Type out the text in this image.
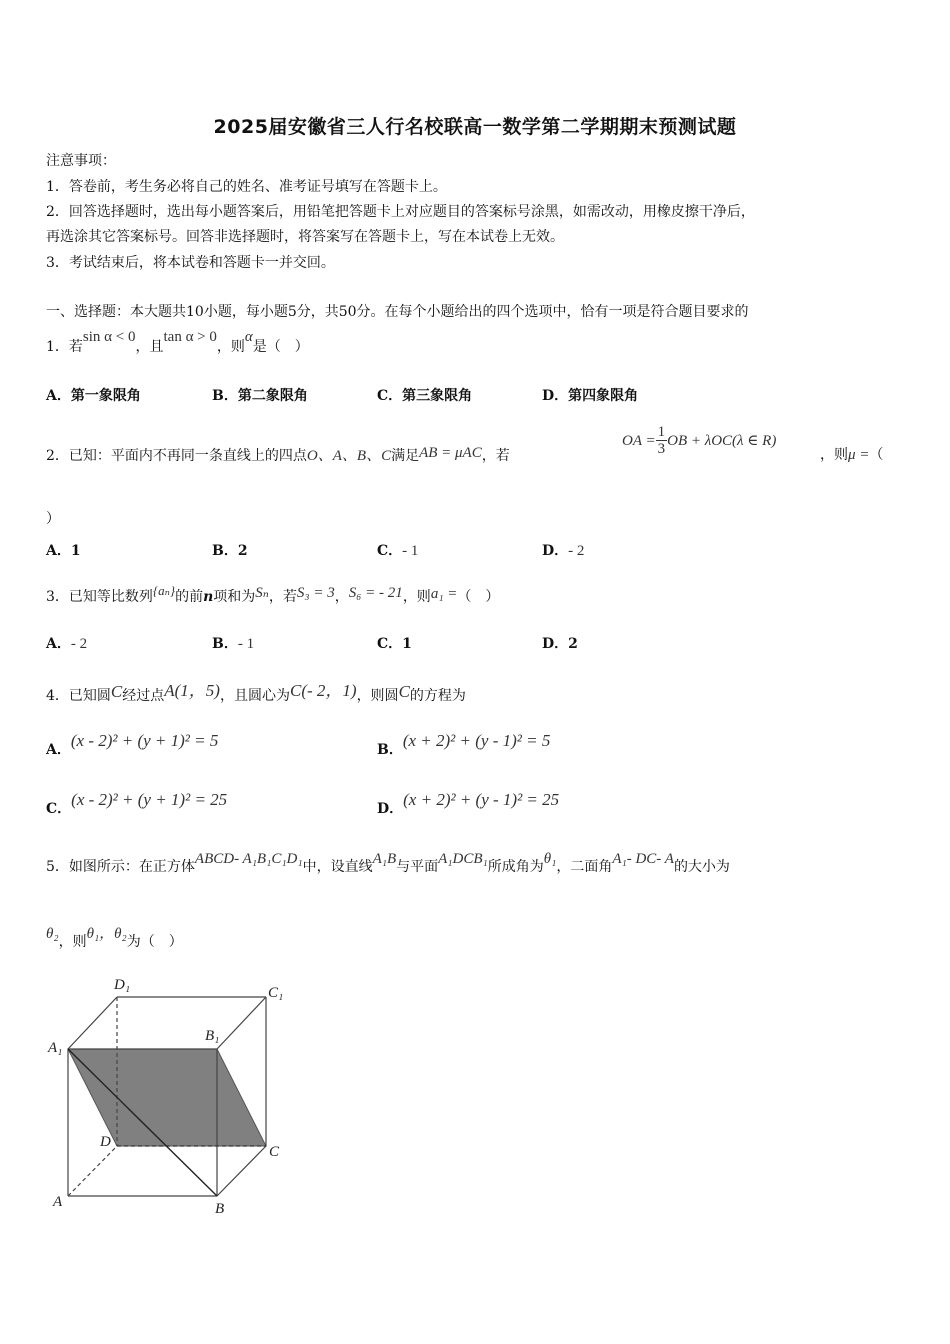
2025届安徽省三人行名校联高一数学第二学期期末预测试题
注意事项：
1．答卷前，考生务必将自己的姓名、准考证号填写在答题卡上。
2．回答选择题时，选出每小题答案后，用铅笔把答题卡上对应题目的答案标号涂黑，如需改动，用橡皮擦干净后，
再选涂其它答案标号。回答非选择题时，将答案写在答题卡上，写在本试卷上无效。
3．考试结束后，将本试卷和答题卡一并交回。
一、选择题：本大题共10小题，每小题5分，共50分。在每个小题给出的四个选项中，恰有一项是符合题目要求的
1．若sin α < 0，且tan α > 0，则α是（　）
A．第一象限角	B．第二象限角	C．第三象限角	D．第四象限角
2．已知：平面内不再同一条直线上的四点O、A、B、C满足AB = μAC，若
OA = $\frac{1}{3}$ OB + λOC(λ ∈ R)
，则μ =（
）
A．1	B．2	C．- 1	D．- 2
3．已知等比数列{aₙ}的前n项和为Sₙ，若S₃ = 3，S₆ = - 21，则a₁ =（　）
A．- 2	B．- 1	C．1	D．2
4．已知圆C经过点A(1，5)，且圆心为C(- 2，1)，则圆C的方程为
A．(x - 2)² + (y + 1)² = 5	B．(x + 2)² + (y - 1)² = 5
C．(x - 2)² + (y + 1)² = 25	D．(x + 2)² + (y - 1)² = 25
5．如图所示：在正方体ABCD- A₁B₁C₁D₁中，设直线A₁B与平面A₁DCB₁所成角为θ₁，二面角A₁- DC- A的大小为
θ₂，则θ₁，θ₂为（　）
D₁	C₁
A₁
B₁
D
C
A	B
